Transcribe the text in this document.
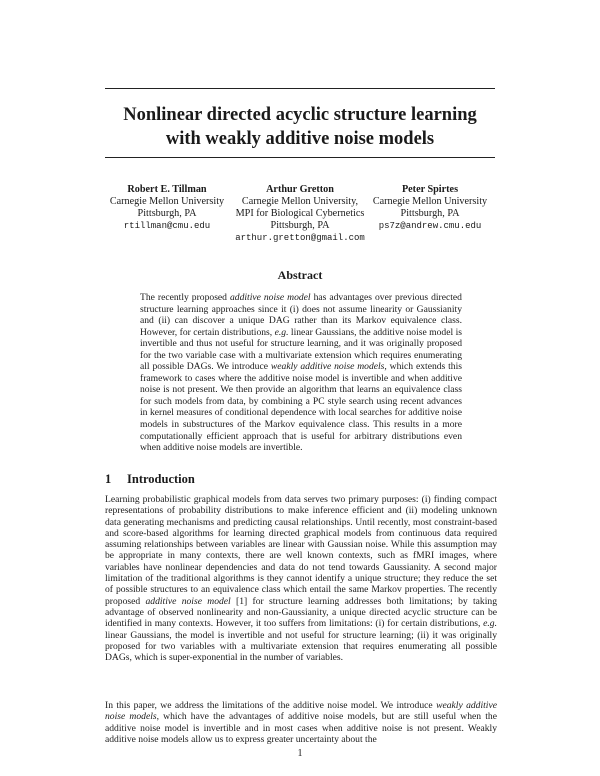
Nonlinear directed acyclic structure learning
with weakly additive noise models
Robert E. Tillman
Carnegie Mellon University
Pittsburgh, PA
rtillman@cmu.edu
Arthur Gretton
Carnegie Mellon University,
MPI for Biological Cybernetics
Pittsburgh, PA
arthur.gretton@gmail.com
Peter Spirtes
Carnegie Mellon University
Pittsburgh, PA
ps7z@andrew.cmu.edu
Abstract
The recently proposed additive noise model has advantages over previous directed structure learning approaches since it (i) does not assume linearity or Gaussianity and (ii) can discover a unique DAG rather than its Markov equivalence class. However, for certain distributions, e.g. linear Gaussians, the additive noise model is invertible and thus not useful for structure learning, and it was originally proposed for the two variable case with a multivariate extension which requires enumerating all possible DAGs. We introduce weakly additive noise models, which extends this framework to cases where the additive noise model is invertible and when additive noise is not present. We then provide an algorithm that learns an equivalence class for such models from data, by combining a PC style search using recent advances in kernel measures of conditional dependence with local searches for additive noise models in substructures of the Markov equivalence class. This results in a more computationally efficient approach that is useful for arbitrary distributions even when additive noise models are invertible.
1 Introduction
Learning probabilistic graphical models from data serves two primary purposes: (i) finding compact representations of probability distributions to make inference efficient and (ii) modeling unknown data generating mechanisms and predicting causal relationships. Until recently, most constraint-based and score-based algorithms for learning directed graphical models from continuous data required assuming relationships between variables are linear with Gaussian noise. While this assumption may be appropriate in many contexts, there are well known contexts, such as fMRI images, where variables have nonlinear dependencies and data do not tend towards Gaussianity. A second major limitation of the traditional algorithms is they cannot identify a unique structure; they reduce the set of possible structures to an equivalence class which entail the same Markov properties. The recently proposed additive noise model [1] for structure learning addresses both limitations; by taking advantage of observed nonlinearity and non-Gaussianity, a unique directed acyclic structure can be identified in many contexts. However, it too suffers from limitations: (i) for certain distributions, e.g. linear Gaussians, the model is invertible and not useful for structure learning; (ii) it was originally proposed for two variables with a multivariate extension that requires enumerating all possible DAGs, which is super-exponential in the number of variables.
In this paper, we address the limitations of the additive noise model. We introduce weakly additive noise models, which have the advantages of additive noise models, but are still useful when the additive noise model is invertible and in most cases when additive noise is not present. Weakly additive noise models allow us to express greater uncertainty about the
1
